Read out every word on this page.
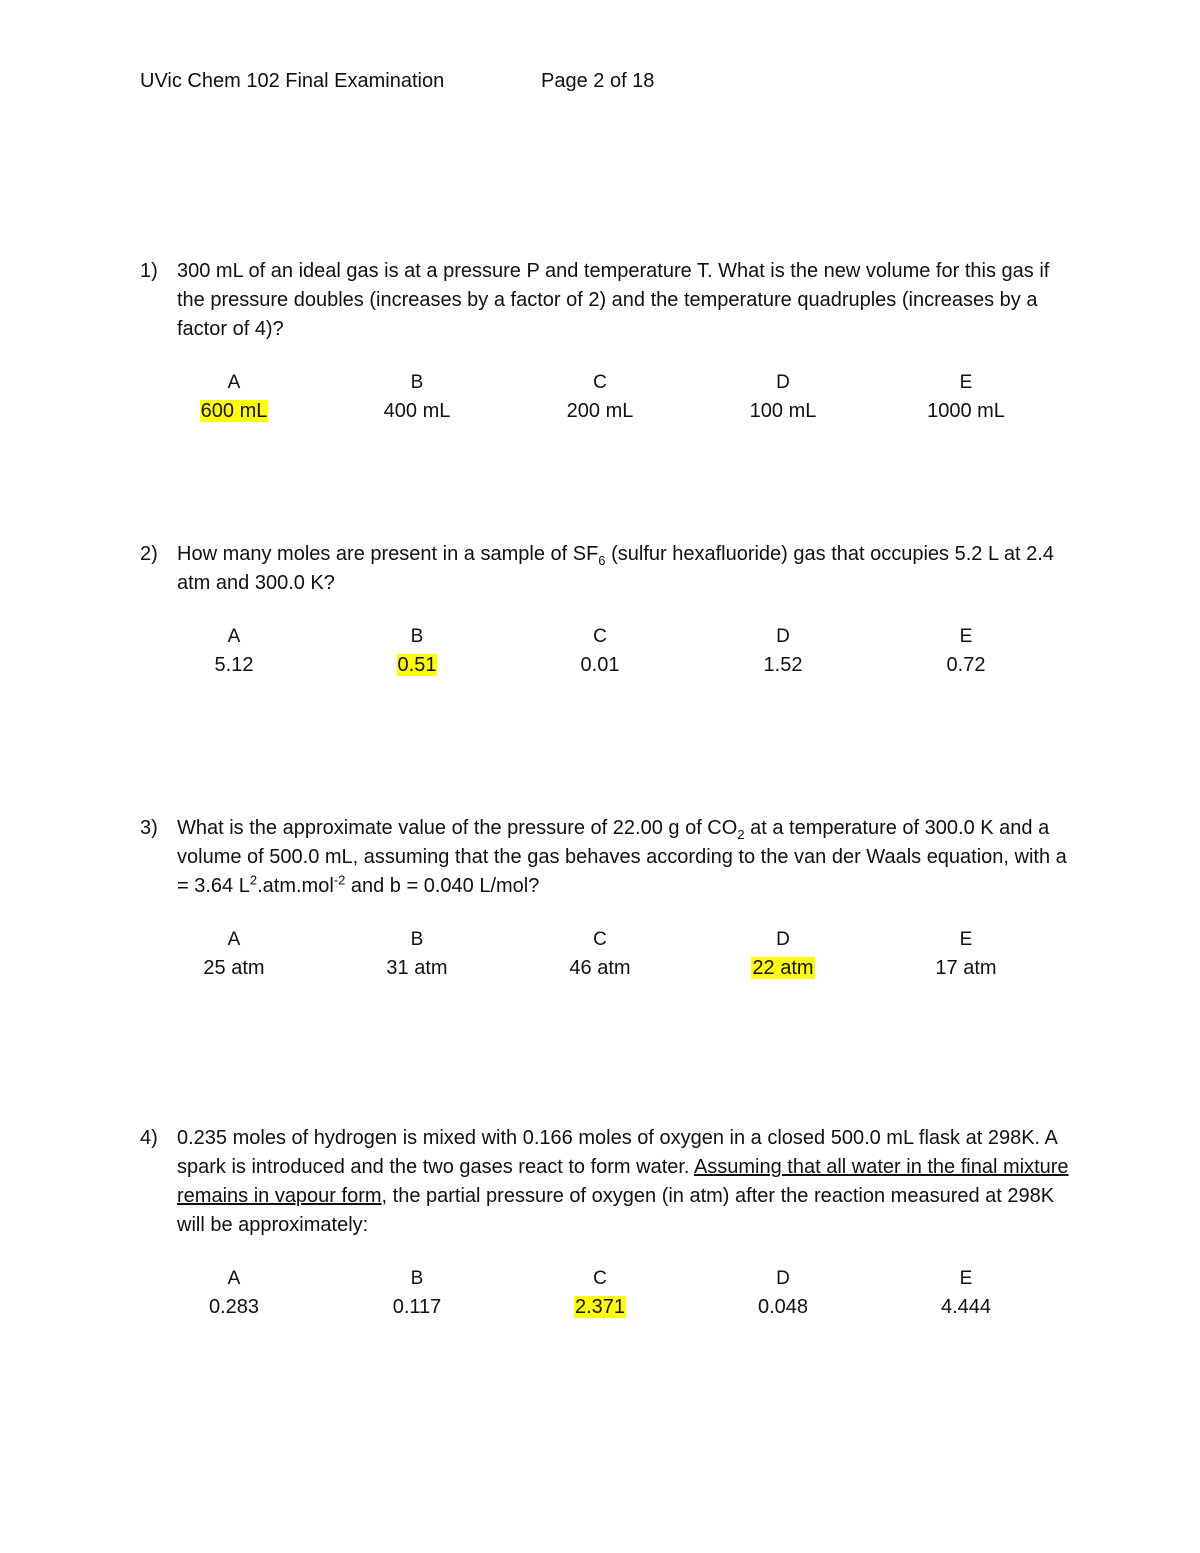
UVic Chem 102 Final Examination	Page 2 of 18
1) 300 mL of an ideal gas is at a pressure P and temperature T. What is the new volume for this gas if the pressure doubles (increases by a factor of 2) and the temperature quadruples (increases by a factor of 4)?
A
600 mL
B
400 mL
C
200 mL
D
100 mL
E
1000 mL
2) How many moles are present in a sample of $SF_6$ (sulfur hexafluoride) gas that occupies 5.2 L at 2.4 atm and 300.0 K?
A
5.12
B
0.51
C
0.01
D
1.52
E
0.72
3) What is the approximate value of the pressure of 22.00 g of $CO_2$ at a temperature of 300.0 K and a volume of 500.0 mL, assuming that the gas behaves according to the van der Waals equation, with a = 3.64 $L^2.atm.mol^{-2}$ and b = 0.040 L/mol?
A
25 atm
B
31 atm
C
46 atm
D
22 atm
E
17 atm
4) 0.235 moles of hydrogen is mixed with 0.166 moles of oxygen in a closed 500.0 mL flask at 298K. A spark is introduced and the two gases react to form water. Assuming that all water in the final mixture remains in vapour form, the partial pressure of oxygen (in atm) after the reaction measured at 298K will be approximately:
A
0.283
B
0.117
C
2.371
D
0.048
E
4.444
